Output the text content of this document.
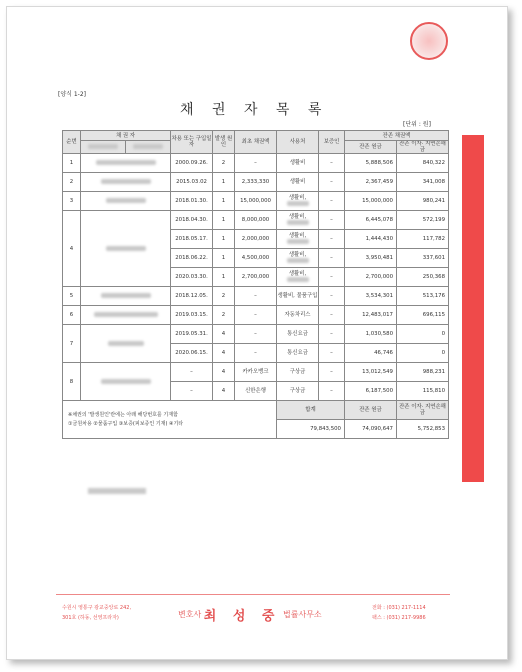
[양식 1-2]
채 권 자 목 록
[단위 : 원]
순번	채 권 자		차용 또는 구입일자	발생 원인	최초 채권액	사용처	보증인	잔존 채권액	
								잔존 원금	잔존 이자· 지연손해금
1			2000.09.26.	2	–	생활비	–	5,888,506	840,322
2			2015.03.02	1	2,333,330	생활비	–	2,367,459	341,008
3			2018.01.30.	1	15,000,000	생활비,	–	15,000,000	980,241
4			2018.04.30.	1	8,000,000	생활비,	–	6,445,078	572,199
			2018.05.17.	1	2,000,000	생활비,	–	1,444,430	117,782
			2018.06.22.	1	4,500,000	생활비,	–	3,950,481	337,601
			2020.03.30.	1	2,700,000	생활비,	–	2,700,000	250,368
5			2018.12.05.	2	–	생활비, 물품구입	–	3,534,301	513,176
6			2019.03.15.	2	–	자동차리스	–	12,483,017	696,115
7			2019.05.31.	4	–	통신요금	–	1,030,580	0
			2020.06.15.	4	–	통신요금	–	46,746	0
8			–	4	카카오뱅크	구상금	–	13,012,549	988,231
			–	4	신한은행	구상금	–	6,187,500	115,810

※채권의 '발생원인'란에는 아래 해당번호를 기재함
①금원차용 ②물품구입 ③보증(피보증인 기재) ④기타						합계		잔존 원금	잔존 이자· 지연손해금
						79,843,500		74,090,647	5,752,853
수원시 영통구 광교중앙로 242,
301호 (하동, 선영프라자)	변호사 최 성 중 법률사무소
전화 : (031) 217-1114
팩스 : (031) 217-9986
